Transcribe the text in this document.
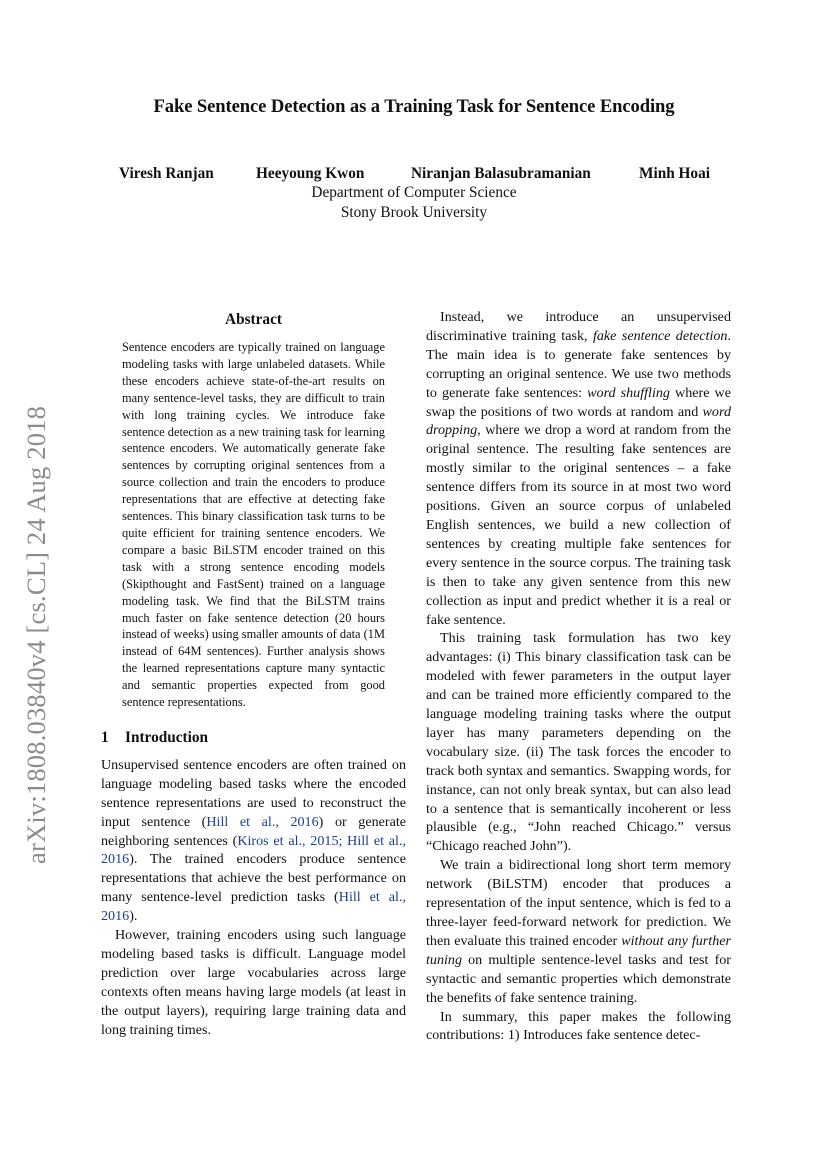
Fake Sentence Detection as a Training Task for Sentence Encoding
Viresh Ranjan	Heeyoung Kwon	Niranjan Balasubramanian	Minh Hoai
Department of Computer Science
Stony Brook University
arXiv:1808.03840v4 [cs.CL] 24 Aug 2018
Abstract
Sentence encoders are typically trained on language modeling tasks with large unlabeled datasets. While these encoders achieve state-of-the-art results on many sentence-level tasks, they are difficult to train with long training cycles. We introduce fake sentence detection as a new training task for learning sentence encoders. We automatically generate fake sentences by corrupting original sentences from a source collection and train the encoders to produce representations that are effective at detecting fake sentences. This binary classification task turns to be quite efficient for training sentence encoders. We compare a basic BiLSTM encoder trained on this task with a strong sentence encoding models (Skipthought and FastSent) trained on a language modeling task. We find that the BiLSTM trains much faster on fake sentence detection (20 hours instead of weeks) using smaller amounts of data (1M instead of 64M sentences). Further analysis shows the learned representations capture many syntactic and semantic properties expected from good sentence representations.
1 Introduction

Unsupervised sentence encoders are often trained on language modeling based tasks where the encoded sentence representations are used to reconstruct the input sentence (Hill et al., 2016) or generate neighboring sentences (Kiros et al., 2015; Hill et al., 2016). The trained encoders produce sentence representations that achieve the best performance on many sentence-level prediction tasks (Hill et al., 2016).

However, training encoders using such language modeling based tasks is difficult. Language model prediction over large vocabularies across large contexts often means having large models (at least in the output layers), requiring large training data and long training times.

Instead, we introduce an unsupervised discriminative training task, fake sentence detection. The main idea is to generate fake sentences by corrupting an original sentence. We use two methods to generate fake sentences: word shuffling where we swap the positions of two words at random and word dropping, where we drop a word at random from the original sentence. The resulting fake sentences are mostly similar to the original sentences – a fake sentence differs from its source in at most two word positions. Given an source corpus of unlabeled English sentences, we build a new collection of sentences by creating multiple fake sentences for every sentence in the source corpus. The training task is then to take any given sentence from this new collection as input and predict whether it is a real or fake sentence.

This training task formulation has two key advantages: (i) This binary classification task can be modeled with fewer parameters in the output layer and can be trained more efficiently compared to the language modeling training tasks where the output layer has many parameters depending on the vocabulary size. (ii) The task forces the encoder to track both syntax and semantics. Swapping words, for instance, can not only break syntax, but can also lead to a sentence that is semantically incoherent or less plausible (e.g., “John reached Chicago.” versus “Chicago reached John”).

We train a bidirectional long short term memory network (BiLSTM) encoder that produces a representation of the input sentence, which is fed to a three-layer feed-forward network for prediction. We then evaluate this trained encoder without any further tuning on multiple sentence-level tasks and test for syntactic and semantic properties which demonstrate the benefits of fake sentence training.

In summary, this paper makes the following contributions: 1) Introduces fake sentence detec-
